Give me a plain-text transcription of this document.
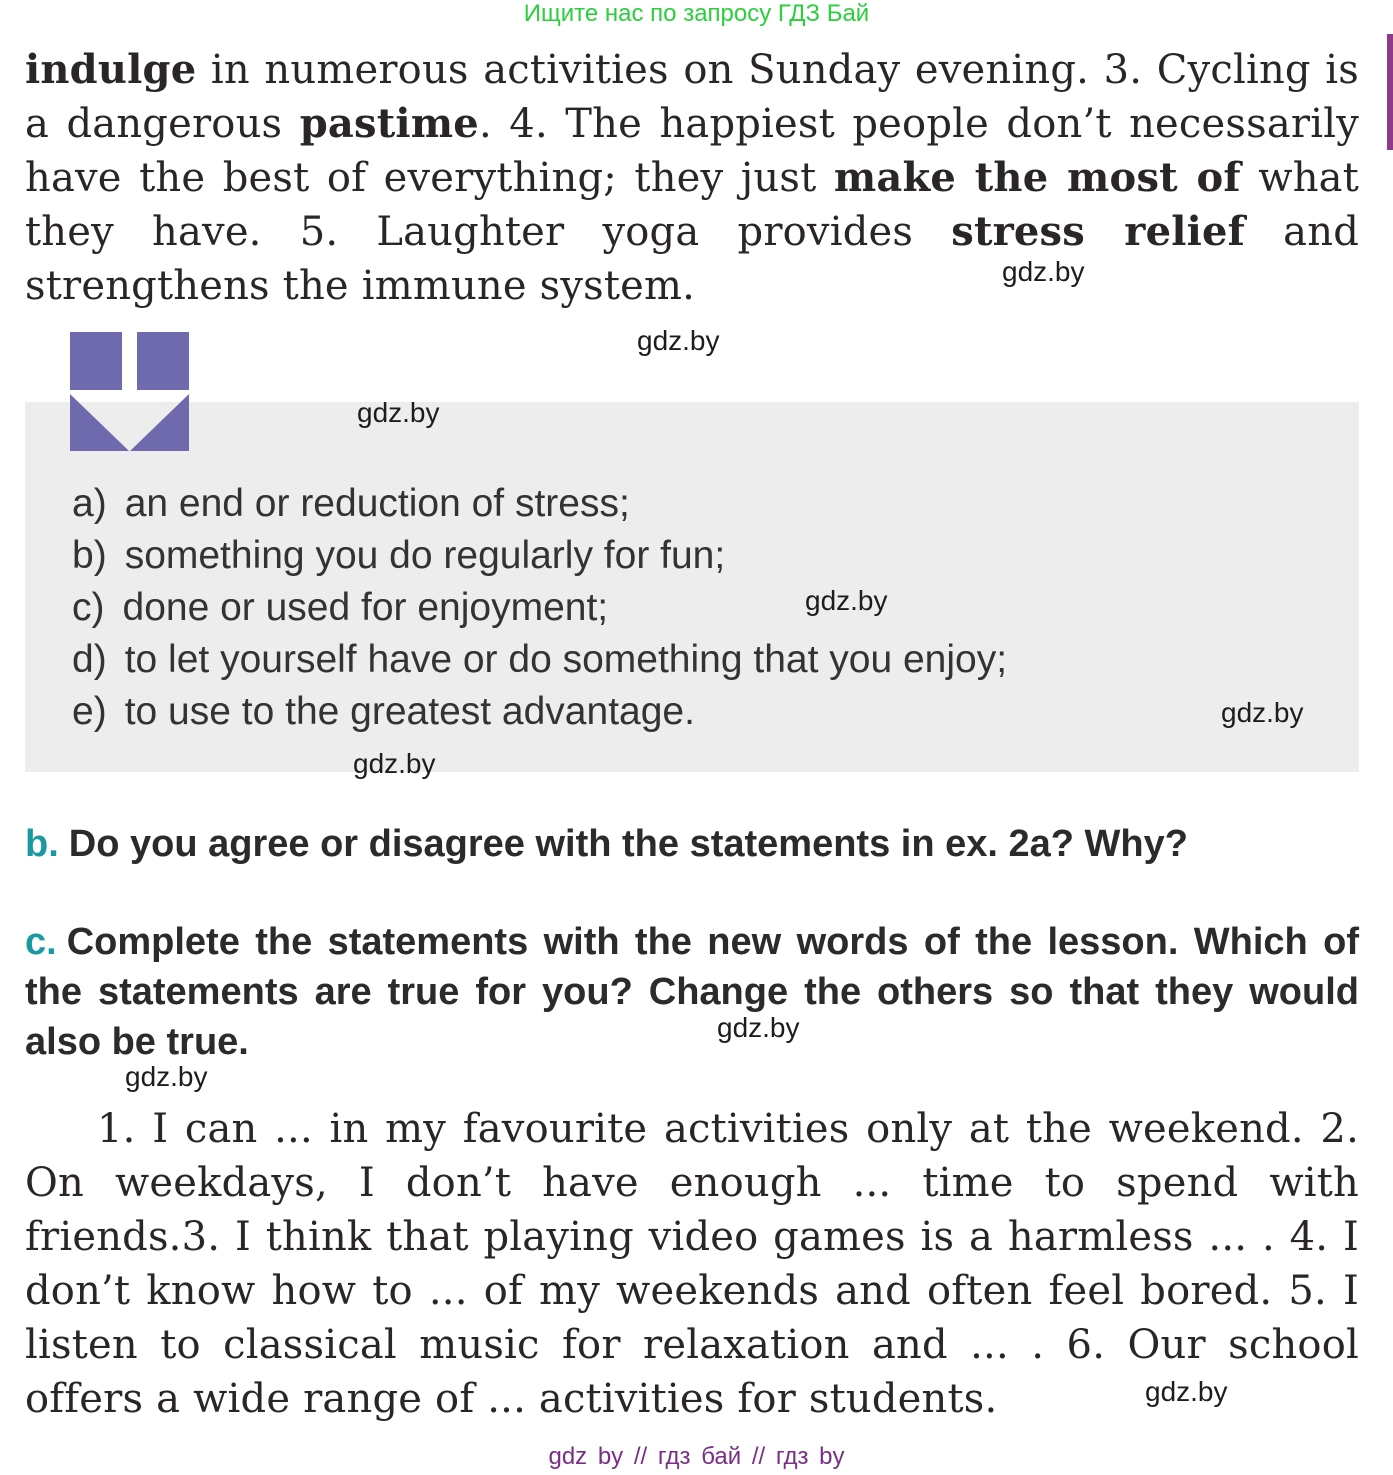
Ищите нас по запросу ГДЗ Бай
indulge in numerous activities on Sunday evening. 3. Cycling is a dangerous pastime. 4. The happiest people don’t necessarily have the best of everything; they just make the most of what they have. 5. Laughter yoga provides stress relief and strengthens the immune system.
a) an end or reduction of stress;
b) something you do regularly for fun;
c) done or used for enjoyment;
d) to let yourself have or do something that you enjoy;
e) to use to the greatest advantage.
b. Do you agree or disagree with the statements in ex. 2a? Why?
c. Complete the statements with the new words of the lesson. Which of the statements are true for you? Change the others so that they would also be true.
1. I can ... in my favourite activities only at the weekend. 2. On weekdays, I don’t have enough ... time to spend with friends.3. I think that playing video games is a harmless ... . 4. I don’t know how to ... of my weekends and often feel bored. 5. I listen to classical music for relaxation and ... . 6. Our school offers a wide range of ... activities for students.
gdz.by
gdz.by
gdz.by
gdz.by
gdz.by
gdz.by
gdz.by
gdz.by
gdz.by
gdz by // гдз бай // гдз by
